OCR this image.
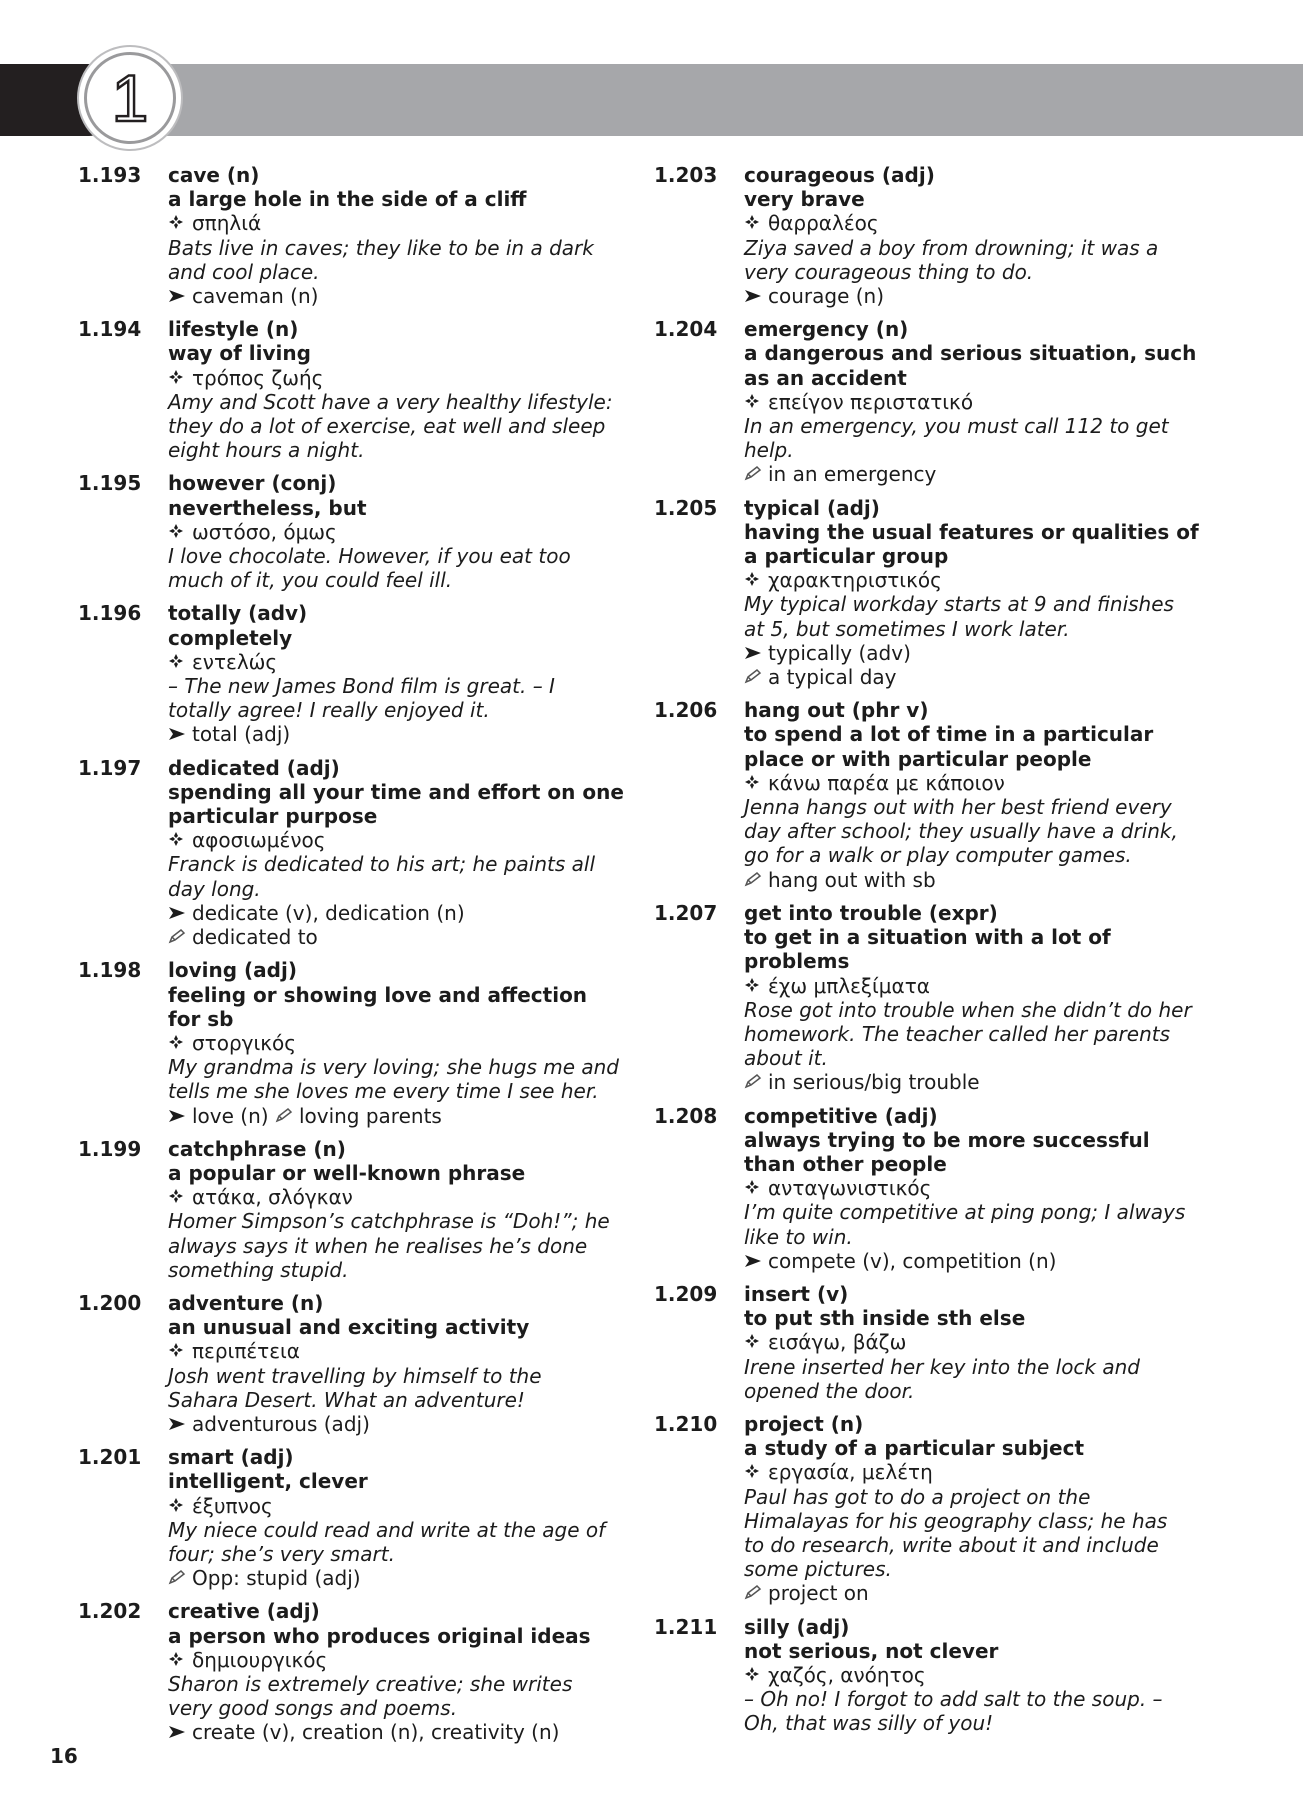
1
1.193 cave (n)
a large hole in the side of a cliff
σπηλιά
Bats live in caves; they like to be in a dark
and cool place.
caveman (n)
1.194 lifestyle (n)
way of living
τρόπος ζωής
Amy and Scott have a very healthy lifestyle:
they do a lot of exercise, eat well and sleep
eight hours a night.
1.195 however (conj)
nevertheless, but
ωστόσο, όμως
I love chocolate. However, if you eat too
much of it, you could feel ill.
1.196 totally (adv)
completely
εντελώς
– The new James Bond film is great. – I
totally agree! I really enjoyed it.
total (adj)
1.197 dedicated (adj)
spending all your time and effort on one
particular purpose
αφοσιωμένος
Franck is dedicated to his art; he paints all
day long.
dedicate (v), dedication (n)
dedicated to
1.198 loving (adj)
feeling or showing love and affection
for sb
στοργικός
My grandma is very loving; she hugs me and
tells me she loves me every time I see her.
love (n) loving parents
1.199 catchphrase (n)
a popular or well-known phrase
ατάκα, σλόγκαν
Homer Simpson’s catchphrase is “Doh!”; he
always says it when he realises he’s done
something stupid.
1.200 adventure (n)
an unusual and exciting activity
περιπέτεια
Josh went travelling by himself to the
Sahara Desert. What an adventure!
adventurous (adj)
1.201 smart (adj)
intelligent, clever
έξυπνος
My niece could read and write at the age of
four; she’s very smart.
Opp: stupid (adj)
1.202 creative (adj)
a person who produces original ideas
δημιουργικός
Sharon is extremely creative; she writes
very good songs and poems.
create (v), creation (n), creativity (n)
1.203 courageous (adj)
very brave
θαρραλέος
Ziya saved a boy from drowning; it was a
very courageous thing to do.
courage (n)
1.204 emergency (n)
a dangerous and serious situation, such
as an accident
επείγον περιστατικό
In an emergency, you must call 112 to get
help.
in an emergency
1.205 typical (adj)
having the usual features or qualities of
a particular group
χαρακτηριστικός
My typical workday starts at 9 and finishes
at 5, but sometimes I work later.
typically (adv)
a typical day
1.206 hang out (phr v)
to spend a lot of time in a particular
place or with particular people
κάνω παρέα με κάποιον
Jenna hangs out with her best friend every
day after school; they usually have a drink,
go for a walk or play computer games.
hang out with sb
1.207 get into trouble (expr)
to get in a situation with a lot of
problems
έχω μπλεξίματα
Rose got into trouble when she didn’t do her
homework. The teacher called her parents
about it.
in serious/big trouble
1.208 competitive (adj)
always trying to be more successful
than other people
ανταγωνιστικός
I’m quite competitive at ping pong; I always
like to win.
compete (v), competition (n)
1.209 insert (v)
to put sth inside sth else
εισάγω, βάζω
Irene inserted her key into the lock and
opened the door.
1.210 project (n)
a study of a particular subject
εργασία, μελέτη
Paul has got to do a project on the
Himalayas for his geography class; he has
to do research, write about it and include
some pictures.
project on
1.211 silly (adj)
not serious, not clever
χαζός, ανόητος
– Oh no! I forgot to add salt to the soup. –
Oh, that was silly of you!
16
